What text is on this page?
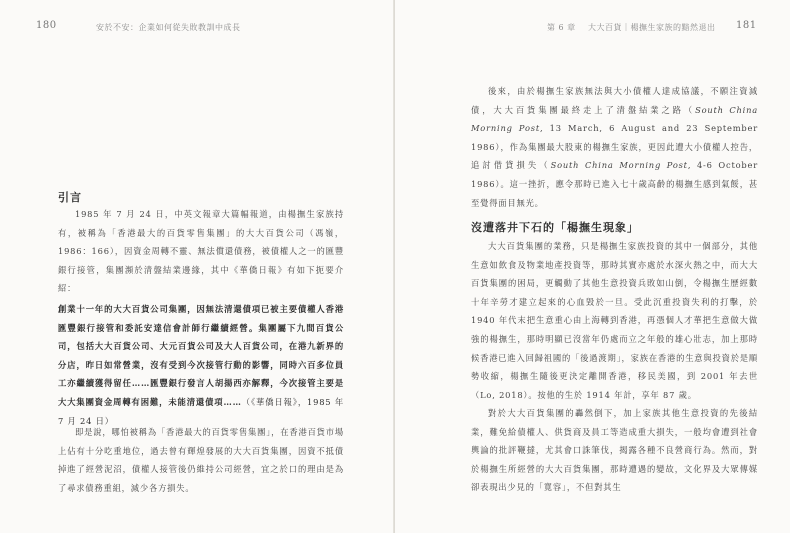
180	安於不安：企業如何從失敗教訓中成長
引言

1985 年 7 月 24 日，中英文報章大篇幅報道，由楊撫生家族持有，被稱為「香港最大的百貨零售集團」的大大百貨公司（馮嶺，1986：166），因資金周轉不靈、無法償還債務，被債權人之一的匯豐銀行接管，集團瀕於清盤結業邊緣，其中《華僑日報》有如下扼要介紹：

創業十一年的大大百貨公司集團，因無法清還債項已被主要債權人香港匯豐銀行接管和委託安達信會計師行繼續經營。集團屬下九間百貨公司，包括大大百貨公司、大元百貨公司及大人百貨公司，在港九新界的分店，昨日如常營業，沒有受到今次接管行動的影響，同時六百多位員工亦繼續獲得留任……匯豐銀行發言人胡揚西亦解釋，今次接管主要是大大集團資金周轉有困難，未能清還債項……（《華僑日報》，1985 年 7 月 24 日）

即是說，哪怕被稱為「香港最大的百貨零售集團」，在香港百貨市場上佔有十分吃重地位，過去曾有輝煌發展的大大百貨集團，因資不抵債掉進了經營泥沼，債權人接管後仍維持公司經營，宜之於口的理由是為了尋求債務重組，減少各方損失。

第 6 章 大大百貨｜楊撫生家族的黯然退出 181

後來，由於楊撫生家族無法與大小債權人達成協議，不願注資減債，大大百貨集團最終走上了清盤結業之路（South China Morning Post, 13 March, 6 August and 23 September 1986），作為集團最大股東的楊撫生家族，更因此遭大小債權人控告，追討借貸損失（South China Morning Post, 4-6 October 1986）。這一挫折，應令那時已進入七十歲高齡的楊撫生感到氣餒，甚至覺得面目無光。

沒遭落井下石的「楊撫生現象」

大大百貨集團的業務，只是楊撫生家族投資的其中一個部分，其他生意如飲食及物業地產投資等，那時其實亦處於水深火熱之中，而大大百貨集團的困局，更觸動了其他生意投資兵敗如山倒，令楊撫生歷經數十年辛勞才建立起來的心血毀於一旦。受此沉重投資失利的打擊，於 1940 年代末把生意重心由上海轉到香港，再憑個人才華把生意做大做強的楊撫生，那時明顯已沒當年仍處而立之年般的雄心壯志，加上那時候香港已進入回歸祖國的「後過渡期」，家族在香港的生意與投資於是順勢收縮，楊撫生隨後更決定離開香港，移民美國，到 2001 年去世（Lo, 2018）。按他的生於 1914 年計，享年 87 歲。

對於大大百貨集團的轟然倒下，加上家族其他生意投資的先後結業，難免給債權人、供貨商及員工等造成重大損失，一般均會遭到社會輿論的批評鞭撻，尤其會口誅筆伐，揭露各種不良營商行為。然而，對於楊撫生所經營的大大百貨集團，那時遭遇的變故，文化界及大眾傳媒卻表現出少見的「寬容」，不但對其生
